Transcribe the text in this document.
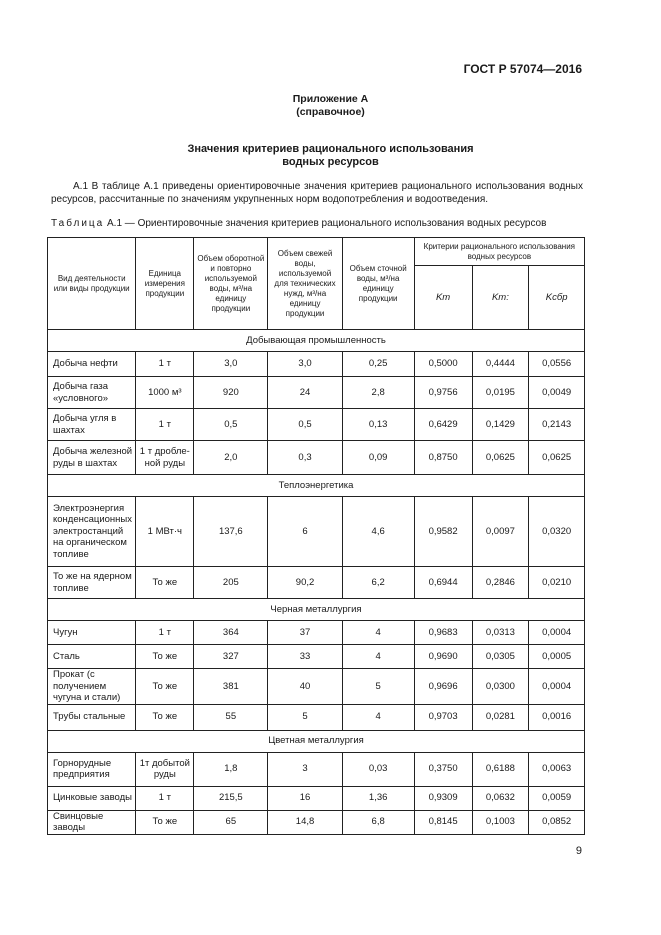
ГОСТ Р 57074—2016
Приложение А
(справочное)
Значения критериев рационального использования
водных ресурсов
А.1 В таблице А.1 приведены ориентировочные значения критериев рационального использования водных ресурсов, рассчитанные по значениям укрупненных норм водопотребления и водоотведения.
Таблица А.1 — Ориентировочные значения критериев рационального использования водных ресурсов
Вид деятельности или виды продукции	Единица измерения продукции	Объем оборотной и повторно используемой воды, м³/на единицу продукции	Объем свежей воды, используемой для технических нужд, м³/на единицу продукции	Объем сточной воды, м³/на единицу продукции	Критерии рационального использования водных ресурсов		
					Kт	Kт:	Kсбр
Добывающая промышленность							
Добыча нефти	1 т	3,0	3,0	0,25	0,5000	0,4444	0,0556
Добыча газа «условного»	1000 м³	920	24	2,8	0,9756	0,0195	0,0049
Добыча угля в шахтах	1 т	0,5	0,5	0,13	0,6429	0,1429	0,2143
Добыча железной руды в шахтах	1 т дробле-ной руды	2,0	0,3	0,09	0,8750	0,0625	0,0625
Теплоэнергетика							
Электроэнергия конденсационных электростанций на органическом топливе	1 МВт·ч	137,6	6	4,6	0,9582	0,0097	0,0320
То же на ядерном топливе	То же	205	90,2	6,2	0,6944	0,2846	0,0210
Черная металлургия							
Чугун	1 т	364	37	4	0,9683	0,0313	0,0004
Сталь	То же	327	33	4	0,9690	0,0305	0,0005
Прокат (с получением чугуна и стали)	То же	381	40	5	0,9696	0,0300	0,0004
Трубы стальные	То же	55	5	4	0,9703	0,0281	0,0016
Цветная металлургия							
Горнорудные предприятия	1т добытой руды	1,8	3	0,03	0,3750	0,6188	0,0063
Цинковые заводы	1 т	215,5	16	1,36	0,9309	0,0632	0,0059
Свинцовые заводы	То же	65	14,8	6,8	0,8145	0,1003	0,0852
9
